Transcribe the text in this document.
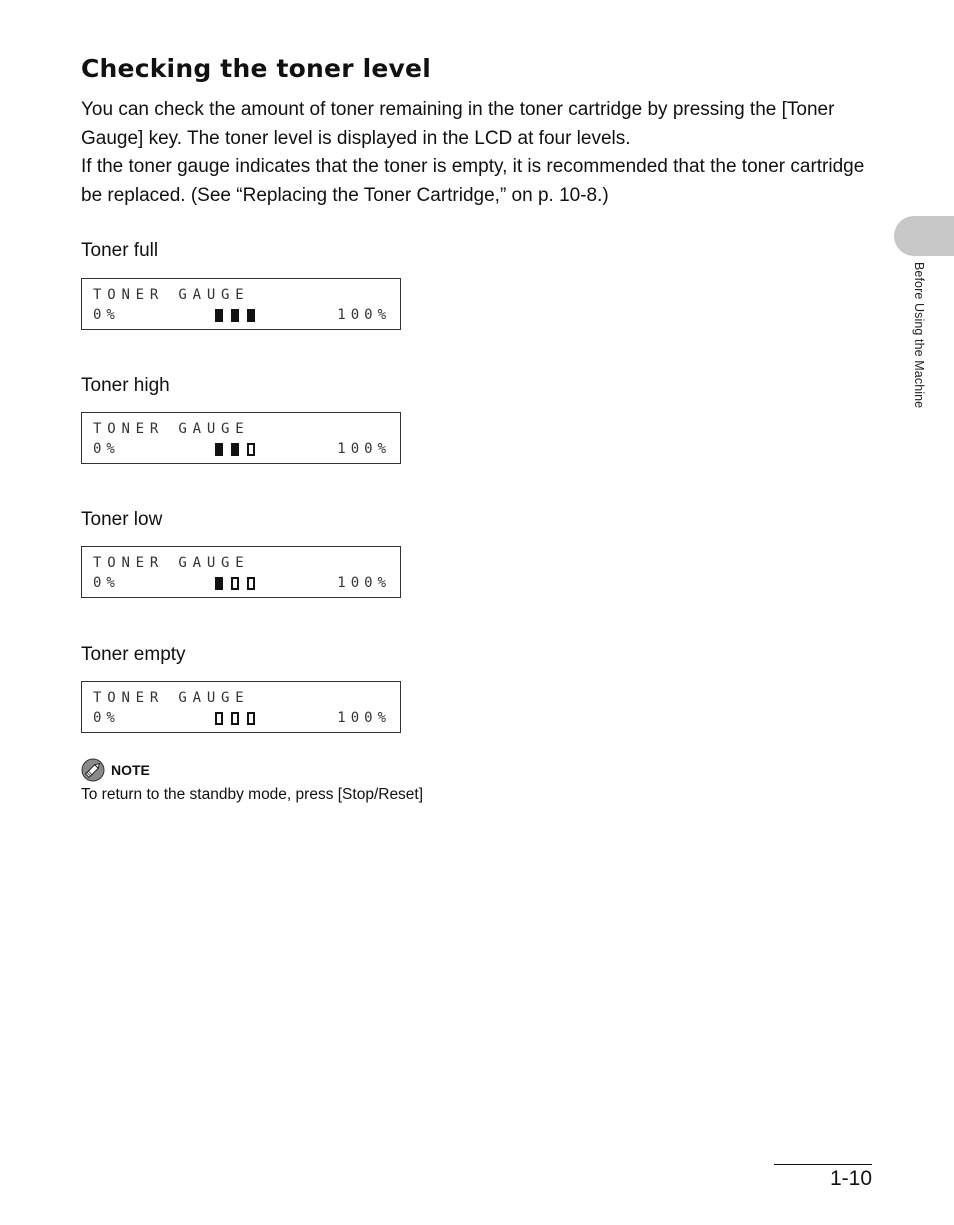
Checking the toner level

You can check the amount of toner remaining in the toner cartridge by pressing the [Toner Gauge] key. The toner level is displayed in the LCD at four levels.

If the toner gauge indicates that the toner is empty, it is recommended that the toner cartridge be replaced. (See “Replacing the Toner Cartridge,” on p. 10-8.)

Toner full
TONER GAUGE
0%	100%
Toner high
TONER GAUGE
0%	100%
Toner low
TONER GAUGE
0%	100%
Toner empty
TONER GAUGE
0%	100%
NOTE
To return to the standby mode, press [Stop/Reset]
Before Using the Machine
1-10
